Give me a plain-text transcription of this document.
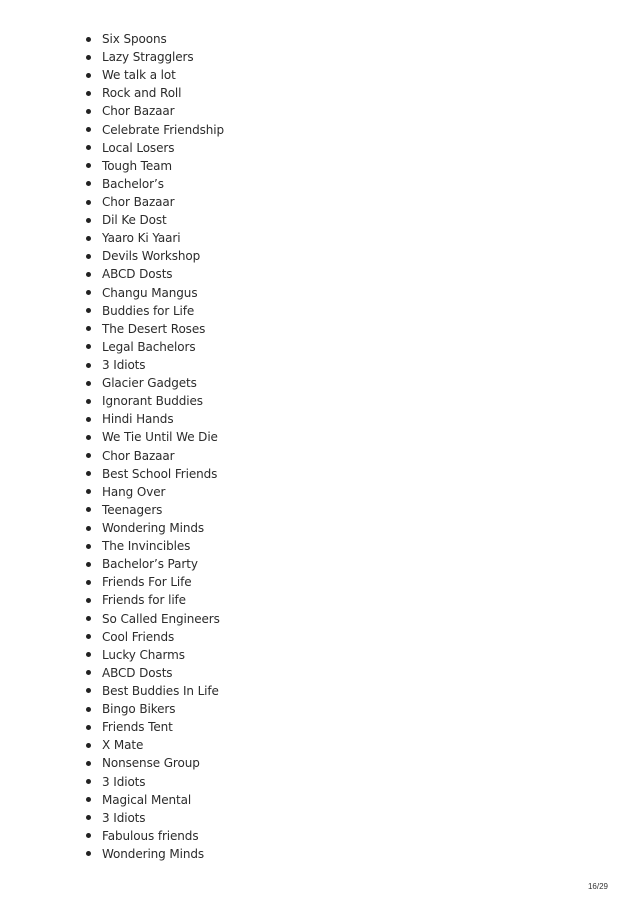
Six Spoons
Lazy Stragglers
We talk a lot
Rock and Roll
Chor Bazaar
Celebrate Friendship
Local Losers
Tough Team
Bachelor’s
Chor Bazaar
Dil Ke Dost
Yaaro Ki Yaari
Devils Workshop
ABCD Dosts
Changu Mangus
Buddies for Life
The Desert Roses
Legal Bachelors
3 Idiots
Glacier Gadgets
Ignorant Buddies
Hindi Hands
We Tie Until We Die
Chor Bazaar
Best School Friends
Hang Over
Teenagers
Wondering Minds
The Invincibles
Bachelor’s Party
Friends For Life
Friends for life
So Called Engineers
Cool Friends
Lucky Charms
ABCD Dosts
Best Buddies In Life
Bingo Bikers
Friends Tent
X Mate
Nonsense Group
3 Idiots
Magical Mental
3 Idiots
Fabulous friends
Wondering Minds
16/29
